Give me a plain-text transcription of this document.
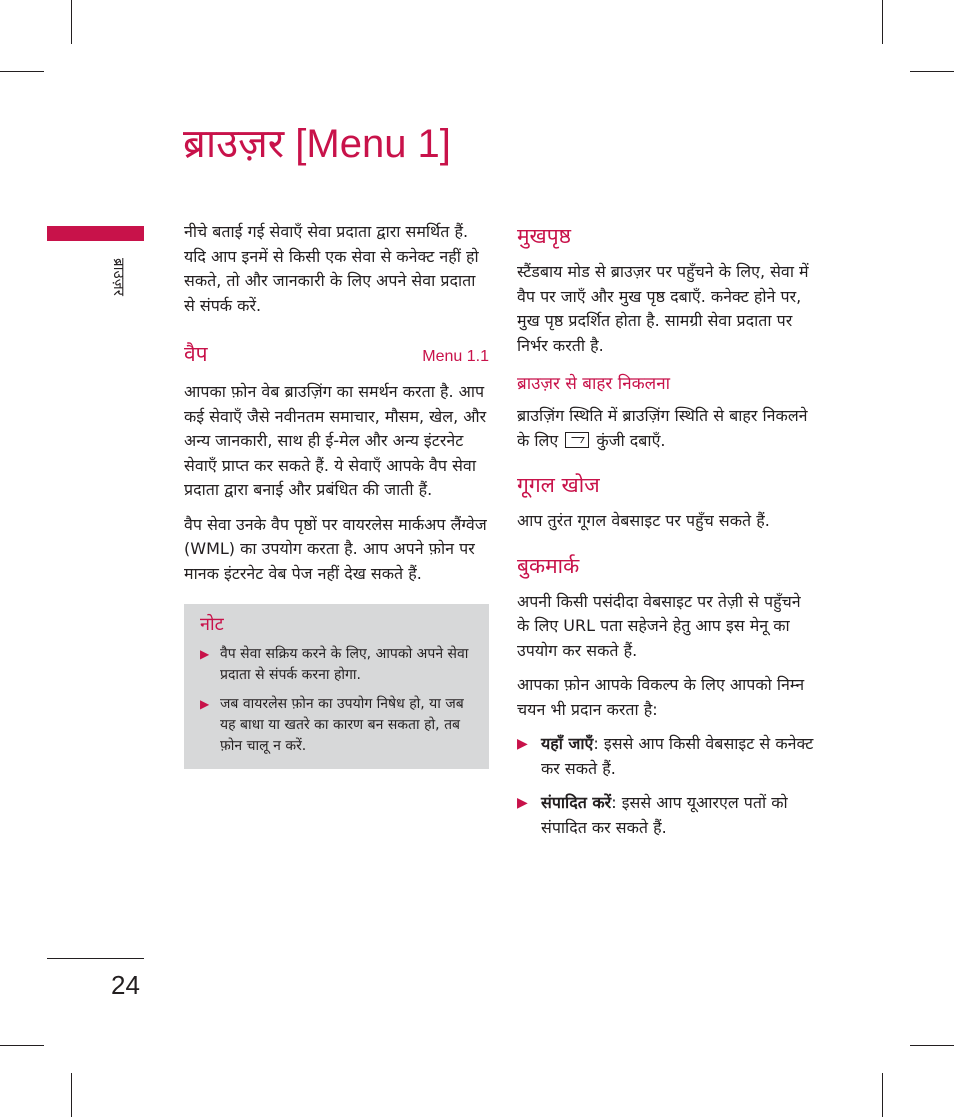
ब्राउज़र [Menu 1]
ब्राउज़र
24

नीचे बताई गई सेवाएँ सेवा प्रदाता द्वारा समर्थित हैं. यदि आप इनमें से किसी एक सेवा से कनेक्ट नहीं हो सकते, तो और जानकारी के लिए अपने सेवा प्रदाता से संपर्क करें.

वैप	Menu 1.1

आपका फ़ोन वेब ब्राउज़िंग का समर्थन करता है. आप कई सेवाएँ जैसे नवीनतम समाचार, मौसम, खेल, और अन्य जानकारी, साथ ही ई-मेल और अन्य इंटरनेट सेवाएँ प्राप्त कर सकते हैं. ये सेवाएँ आपके वैप सेवा प्रदाता द्वारा बनाई और प्रबंधित की जाती हैं.

वैप सेवा उनके वैप पृष्ठों पर वायरलेस मार्कअप लैंग्वेज (WML) का उपयोग करता है. आप अपने फ़ोन पर मानक इंटरनेट वेब पेज नहीं देख सकते हैं.

नोट
▶ वैप सेवा सक्रिय करने के लिए, आपको अपने सेवा प्रदाता से संपर्क करना होगा.
▶ जब वायरलेस फ़ोन का उपयोग निषेध हो, या जब यह बाधा या खतरे का कारण बन सकता हो, तब फ़ोन चालू न करें.
मुखपृष्ठ

स्टैंडबाय मोड से ब्राउज़र पर पहुँचने के लिए, सेवा में वैप पर जाएँ और मुख पृष्ठ दबाएँ. कनेक्ट होने पर, मुख पृष्ठ प्रदर्शित होता है. सामग्री सेवा प्रदाता पर निर्भर करती है.

ब्राउज़र से बाहर निकलना

ब्राउज़िंग स्थिति में ब्राउज़िंग स्थिति से बाहर निकलने के लिए कुंजी दबाएँ.

गूगल खोज

आप तुरंत गूगल वेबसाइट पर पहुँच सकते हैं.

बुकमार्क

अपनी किसी पसंदीदा वेबसाइट पर तेज़ी से पहुँचने के लिए URL पता सहेजने हेतु आप इस मेनू का उपयोग कर सकते हैं.

आपका फ़ोन आपके विकल्प के लिए आपको निम्न चयन भी प्रदान करता है:

▶ यहाँ जाएँ: इससे आप किसी वेबसाइट से कनेक्ट कर सकते हैं.
▶ संपादित करें: इससे आप यूआरएल पतों को संपादित कर सकते हैं.
